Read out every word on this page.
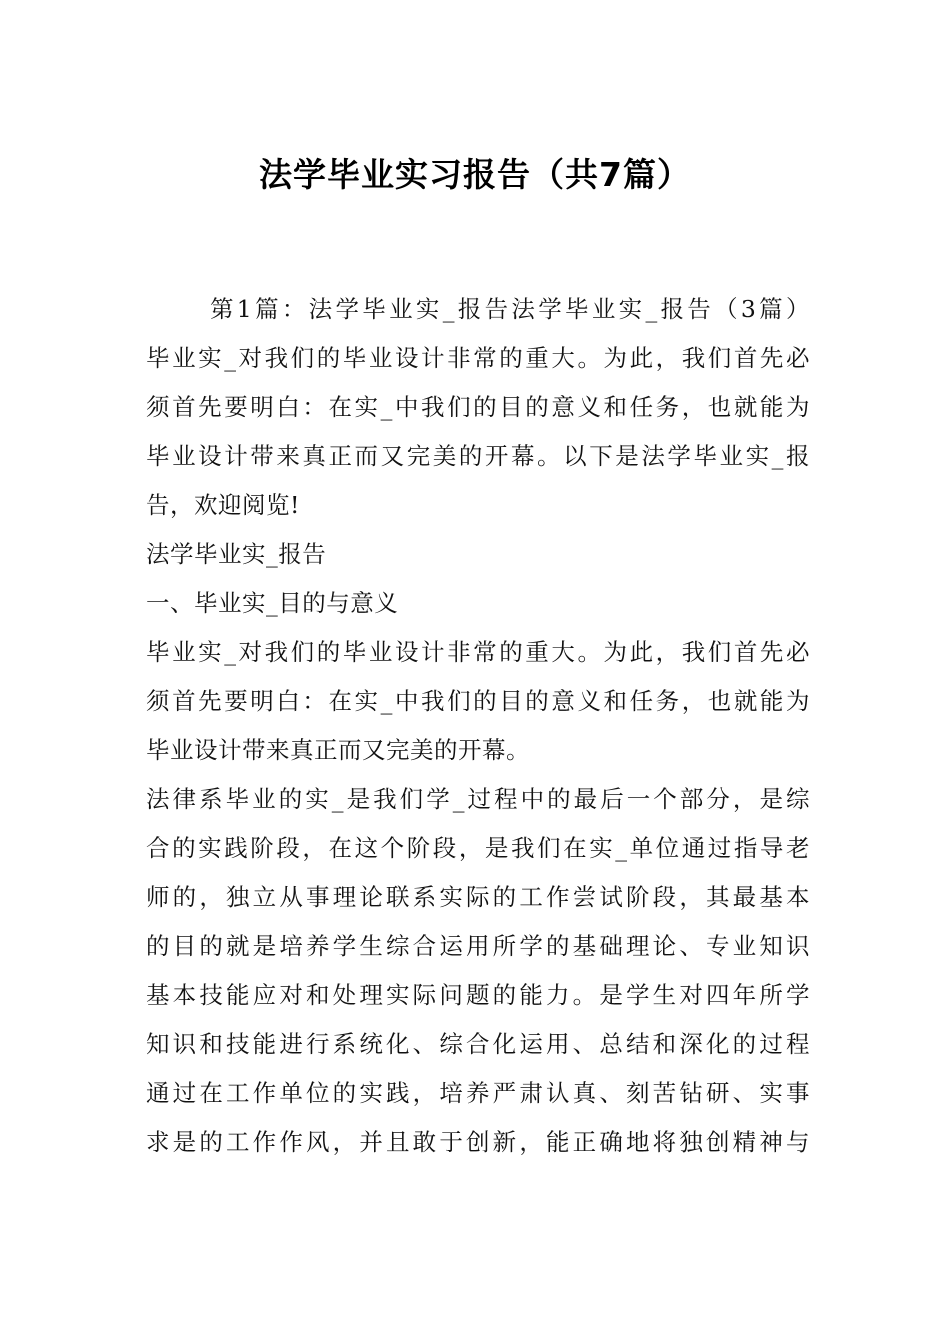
法学毕业实习报告（共7篇）
第1篇：法学毕业实_报告法学毕业实_报告（3篇）
毕业实_对我们的毕业设计非常的重大。为此，我们首先必
须首先要明白：在实_中我们的目的意义和任务，也就能为
毕业设计带来真正而又完美的开幕。以下是法学毕业实_报
告，欢迎阅览!
法学毕业实_报告
一、毕业实_目的与意义
毕业实_对我们的毕业设计非常的重大。为此，我们首先必
须首先要明白：在实_中我们的目的意义和任务，也就能为
毕业设计带来真正而又完美的开幕。
法律系毕业的实_是我们学_过程中的最后一个部分，是综
合的实践阶段，在这个阶段，是我们在实_单位通过指导老
师的，独立从事理论联系实际的工作尝试阶段，其最基本
的目的就是培养学生综合运用所学的基础理论、专业知识
基本技能应对和处理实际问题的能力。是学生对四年所学
知识和技能进行系统化、综合化运用、总结和深化的过程
通过在工作单位的实践，培养严肃认真、刻苦钻研、实事
求是的工作作风，并且敢于创新，能正确地将独创精神与
